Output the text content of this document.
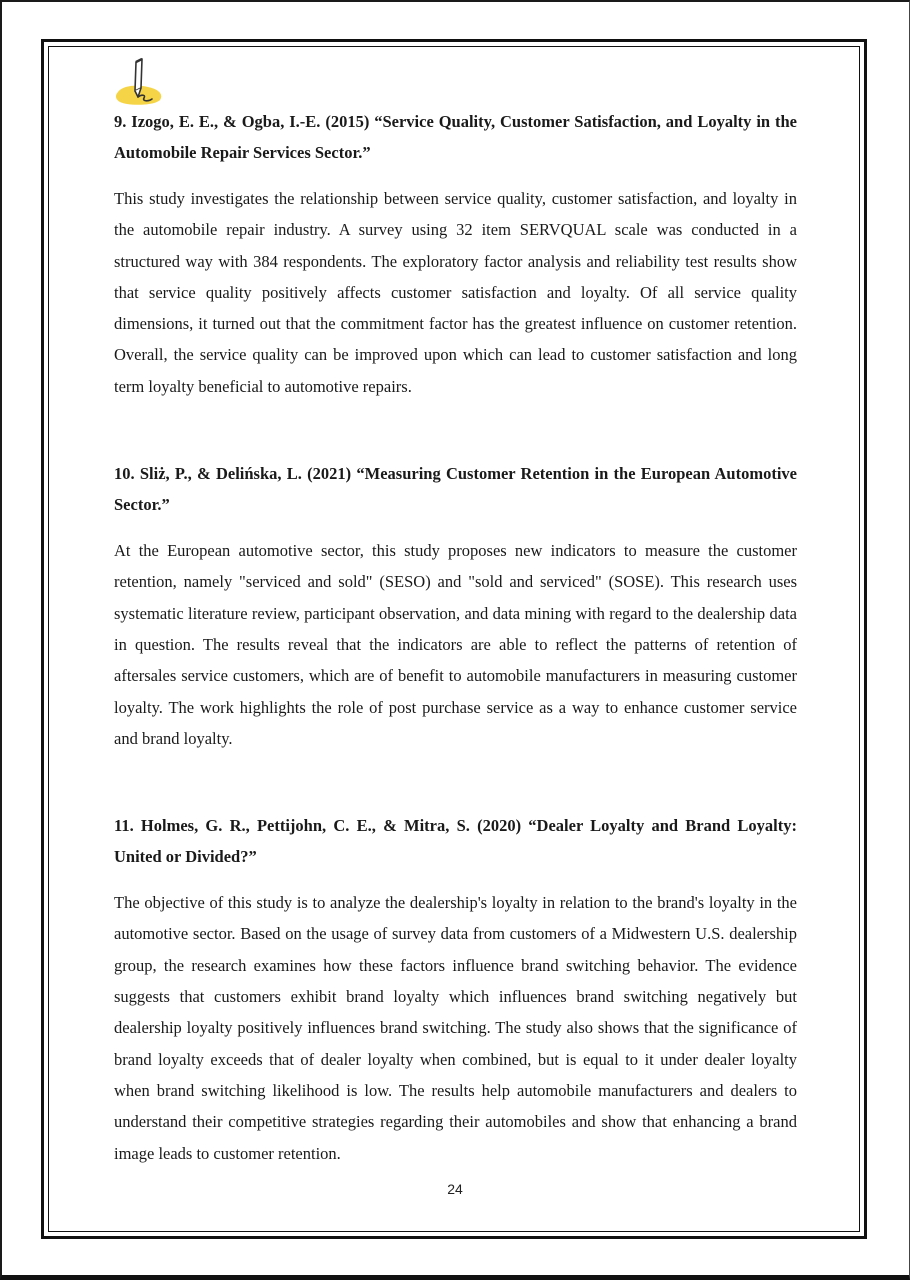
9. Izogo, E. E., & Ogba, I.-E. (2015) “Service Quality, Customer Satisfaction, and Loyalty in the Automobile Repair Services Sector.”

This study investigates the relationship between service quality, customer satisfaction, and loyalty in the automobile repair industry. A survey using 32 item SERVQUAL scale was conducted in a structured way with 384 respondents. The exploratory factor analysis and reliability test results show that service quality positively affects customer satisfaction and loyalty. Of all service quality dimensions, it turned out that the commitment factor has the greatest influence on customer retention. Overall, the service quality can be improved upon which can lead to customer satisfaction and long term loyalty beneficial to automotive repairs.

10. Sliż, P., & Delińska, L. (2021) “Measuring Customer Retention in the European Automotive Sector.”

At the European automotive sector, this study proposes new indicators to measure the customer retention, namely "serviced and sold" (SESO) and "sold and serviced" (SOSE). This research uses systematic literature review, participant observation, and data mining with regard to the dealership data in question. The results reveal that the indicators are able to reflect the patterns of retention of aftersales service customers, which are of benefit to automobile manufacturers in measuring customer loyalty. The work highlights the role of post purchase service as a way to enhance customer service and brand loyalty.

11. Holmes, G. R., Pettijohn, C. E., & Mitra, S. (2020) “Dealer Loyalty and Brand Loyalty: United or Divided?”

The objective of this study is to analyze the dealership's loyalty in relation to the brand's loyalty in the automotive sector. Based on the usage of survey data from customers of a Midwestern U.S. dealership group, the research examines how these factors influence brand switching behavior. The evidence suggests that customers exhibit brand loyalty which influences brand switching negatively but dealership loyalty positively influences brand switching. The study also shows that the significance of brand loyalty exceeds that of dealer loyalty when combined, but is equal to it under dealer loyalty when brand switching likelihood is low. The results help automobile manufacturers and dealers to understand their competitive strategies regarding their automobiles and show that enhancing a brand image leads to customer retention.

24
